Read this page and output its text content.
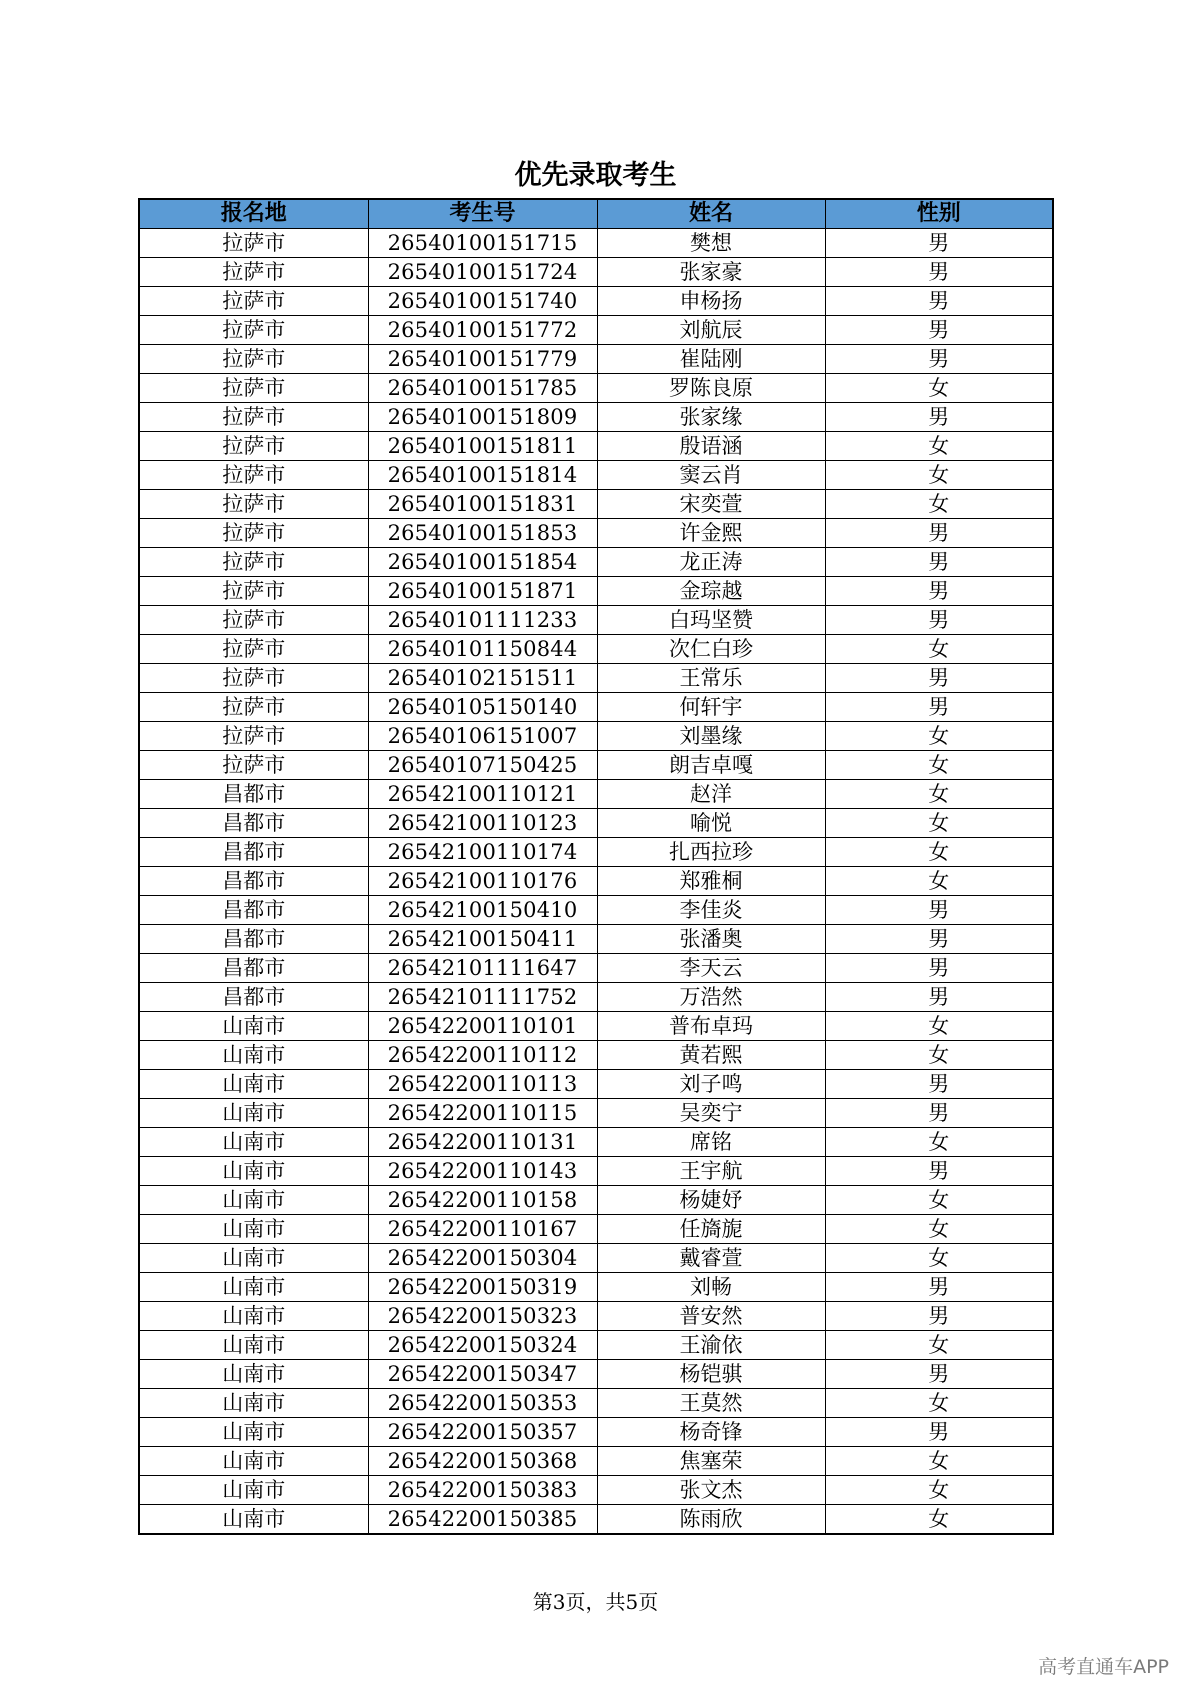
优先录取考生
报名地	考生号	姓名	性别
拉萨市	26540100151715	樊想	男
拉萨市	26540100151724	张家豪	男
拉萨市	26540100151740	申杨扬	男
拉萨市	26540100151772	刘航辰	男
拉萨市	26540100151779	崔陆刚	男
拉萨市	26540100151785	罗陈良原	女
拉萨市	26540100151809	张家缘	男
拉萨市	26540100151811	殷语涵	女
拉萨市	26540100151814	窦云肖	女
拉萨市	26540100151831	宋奕萱	女
拉萨市	26540100151853	许金熙	男
拉萨市	26540100151854	龙正涛	男
拉萨市	26540100151871	金琮越	男
拉萨市	26540101111233	白玛坚赞	男
拉萨市	26540101150844	次仁白珍	女
拉萨市	26540102151511	王常乐	男
拉萨市	26540105150140	何轩宇	男
拉萨市	26540106151007	刘墨缘	女
拉萨市	26540107150425	朗吉卓嘎	女
昌都市	26542100110121	赵洋	女
昌都市	26542100110123	喻悦	女
昌都市	26542100110174	扎西拉珍	女
昌都市	26542100110176	郑雅桐	女
昌都市	26542100150410	李佳炎	男
昌都市	26542100150411	张潘奥	男
昌都市	26542101111647	李天云	男
昌都市	26542101111752	万浩然	男
山南市	26542200110101	普布卓玛	女
山南市	26542200110112	黄若熙	女
山南市	26542200110113	刘子鸣	男
山南市	26542200110115	吴奕宁	男
山南市	26542200110131	席铭	女
山南市	26542200110143	王宇航	男
山南市	26542200110158	杨婕妤	女
山南市	26542200110167	任旖旎	女
山南市	26542200150304	戴睿萱	女
山南市	26542200150319	刘畅	男
山南市	26542200150323	普安然	男
山南市	26542200150324	王渝依	女
山南市	26542200150347	杨铠骐	男
山南市	26542200150353	王莫然	女
山南市	26542200150357	杨奇锋	男
山南市	26542200150368	焦塞荣	女
山南市	26542200150383	张文杰	女
山南市	26542200150385	陈雨欣	女
第3页，共5页
高考直通车APP
